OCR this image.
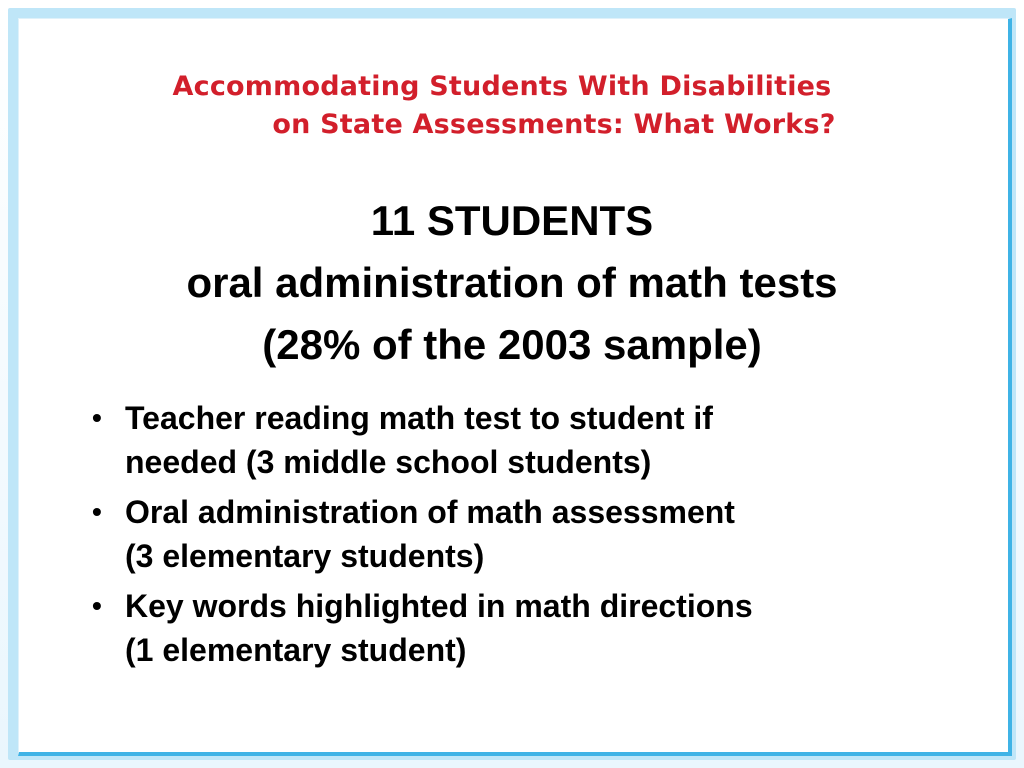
Accommodating Students With Disabilities
on State Assessments: What Works?
11 STUDENTS
oral administration of math tests
(28% of the 2003 sample)
• Teacher reading math test to student if
needed (3 middle school students)
• Oral administration of math assessment
(3 elementary students)
• Key words highlighted in math directions
(1 elementary student)
